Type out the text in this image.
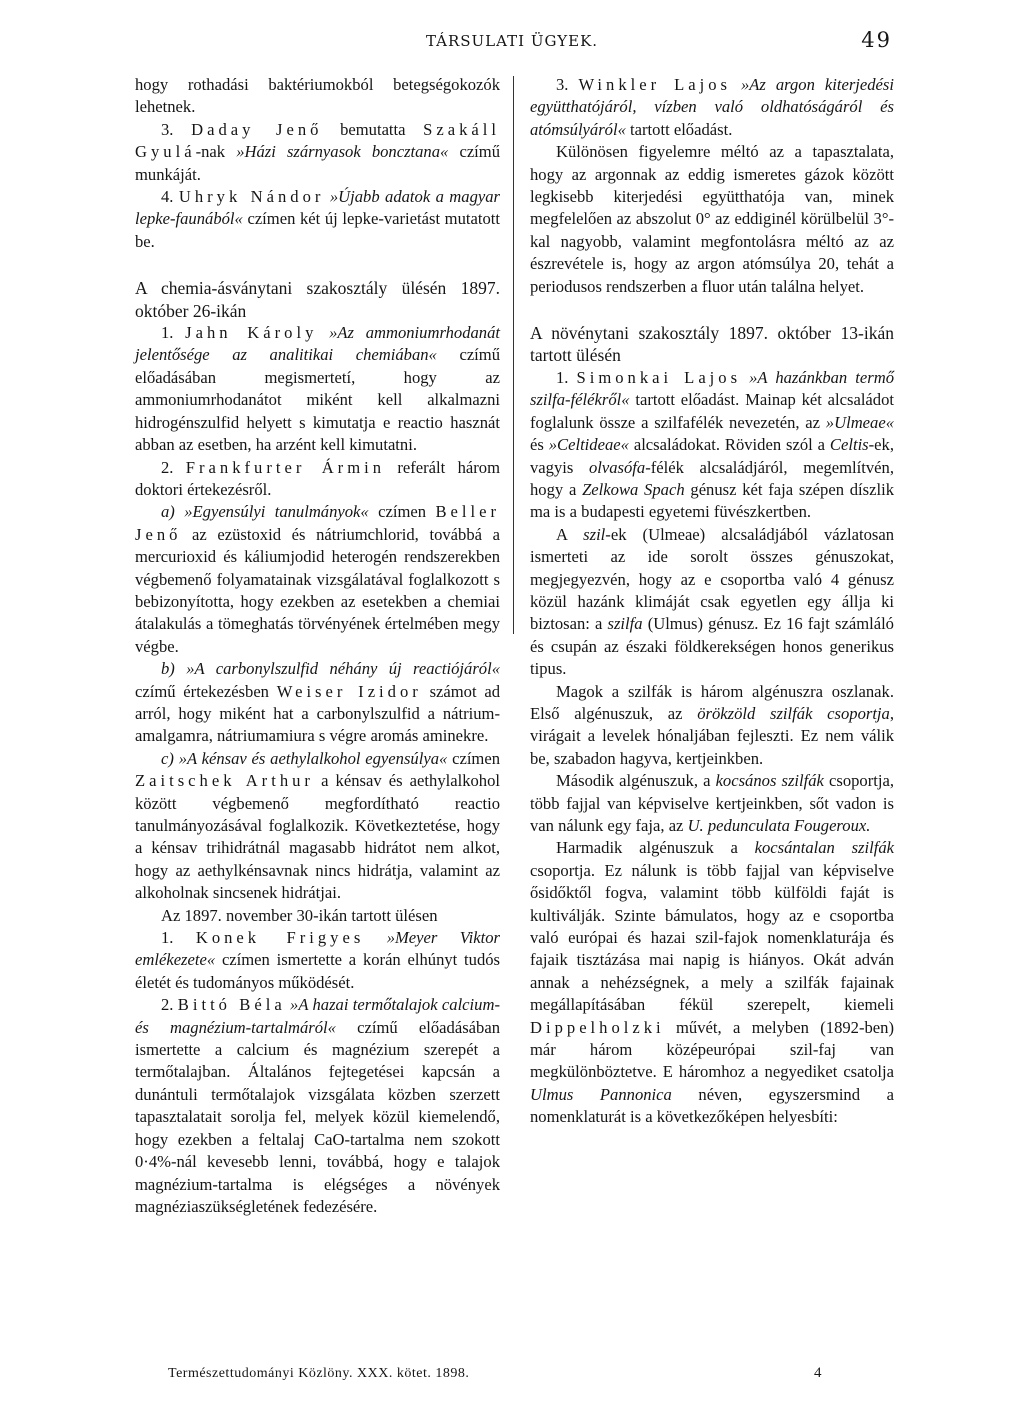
TÁRSULATI ÜGYEK.	49

hogy rothadási baktériumokból betegségokozók lehetnek.

3. Daday Jenő bemutatta Szakáll Gyulá-nak »Házi szárnyasok boncztana« czímű munkáját.

4. Uhryk Nándor »Újabb adatok a magyar lepke-faunából« czímen két új lepke-varietást mutatott be.

A chemia-ásványtani szakosztály ülésén 1897. október 26-ikán

1. Jahn Károly »Az ammoniumrhodanát jelentősége az analitikai chemiában« czímű előadásában megismertetí, hogy az ammoniumrhodanátot miként kell alkalmazni hidrogénszulfid helyett s kimutatja e reactio hasznát abban az esetben, ha arzént kell kimutatni.

2. Frankfurter Ármin referált három doktori értekezésről.

a) »Egyensúlyi tanulmányok« czímen Beller Jenő az ezüstoxid és nátriumchlorid, továbbá a mercurioxid és káliumjodid heterogén rendszerekben végbemenő folyamatainak vizsgálatával foglalkozott s bebizonyította, hogy ezekben az esetekben a chemiai átalakulás a tömeghatás törvényének értelmében megy végbe.

b) »A carbonylszulfid néhány új reactiójáról« czímű értekezésben Weiser Izidor számot ad arról, hogy miként hat a carbonylszulfid a nátrium-amalgamra, nátriumamiura s végre aromás aminekre.

c) »A kénsav és aethylalkohol egyensúlya« czímen Zaitschek Arthur a kénsav és aethylalkohol között végbemenő megfordítható reactio tanulmányozásával foglalkozik. Következtetése, hogy a kénsav trihidrátnál magasabb hidrátot nem alkot, hogy az aethylkénsavnak nincs hidrátja, valamint az alkoholnak sincsenek hidrátjai.

Az 1897. november 30-ikán tartott ülésen

1. Konek Frigyes »Meyer Viktor emlékezete« czímen ismertette a korán elhúnyt tudós életét és tudományos működését.

2. Bittó Béla »A hazai termőtalajok calcium- és magnézium-tartalmáról« czímű előadásában ismertette a calcium és magnézium szerepét a termőtalajban. Általános fejtegetései kapcsán a dunántuli termőtalajok vizsgálata közben szerzett tapasztalatait sorolja fel, melyek közül kiemelendő, hogy ezekben a feltalaj CaO-tartalma nem szokott 0·4%-nál kevesebb lenni, továbbá, hogy e talajok magnézium-tartalma is elégséges a növények magnéziaszükségletének fedezésére.

3. Winkler Lajos »Az argon kiterjedési együtthatójáról, vízben való oldhatóságáról és atómsúlyáról« tartott előadást.

Különösen figyelemre méltó az a tapasztalata, hogy az argonnak az eddig ismeretes gázok között legkisebb kiterjedési együtthatója van, minek megfelelően az abszolut 0° az eddiginél körülbelül 3°-kal nagyobb, valamint megfontolásra méltó az az észrevétele is, hogy az argon atómsúlya 20, tehát a periodusos rendszerben a fluor után találna helyet.

A növénytani szakosztály 1897. október 13-ikán tartott ülésén

1. Simonkai Lajos »A hazánkban termő szilfa-félékről« tartott előadást. Mainap két alcsaládot foglalunk össze a szilfafélék nevezetén, az »Ulmeae« és »Celtideae« alcsaládokat. Röviden szól a Celtis-ek, vagyis olvasófa-félék alcsaládjáról, megemlítvén, hogy a Zelkowa Spach génusz két faja szépen díszlik ma is a budapesti egyetemi füvészkertben.

A szil-ek (Ulmeae) alcsaládjából vázlatosan ismerteti az ide sorolt összes génuszokat, megjegyezvén, hogy az e csoportba való 4 génusz közül hazánk klimáját csak egyetlen egy állja ki biztosan: a szilfa (Ulmus) génusz. Ez 16 fajt számláló és csupán az északi földkerekségen honos generikus tipus.

Magok a szilfák is három algénuszra oszlanak. Első algénuszuk, az örökzöld szilfák csoportja, virágait a levelek hónaljában fejleszti. Ez nem válik be, szabadon hagyva, kertjeinkben.

Második algénuszuk, a kocsános szilfák csoportja, több fajjal van képviselve kertjeinkben, sőt vadon is van nálunk egy faja, az U. pedunculata Fougeroux.

Harmadik algénuszuk a kocsántalan szilfák csoportja. Ez nálunk is több fajjal van képviselve ősidőktől fogva, valamint több külföldi faját is kultiválják. Szinte bámulatos, hogy az e csoportba való európai és hazai szil-fajok nomenklaturája és fajaik tisztázása mai napig is hiányos. Okát adván annak a nehézségnek, a mely a szilfák fajainak megállapításában fékül szerepelt, kiemeli Dippelholzki művét, a melyben (1892-ben) már három középeurópai szil-faj van megkülönböztetve. E háromhoz a negyediket csatolja Ulmus Pannonica néven, egyszersmind a nomenklaturát is a következőképen helyesbíti:

Természettudományi Közlöny. XXX. kötet. 1898.	4
